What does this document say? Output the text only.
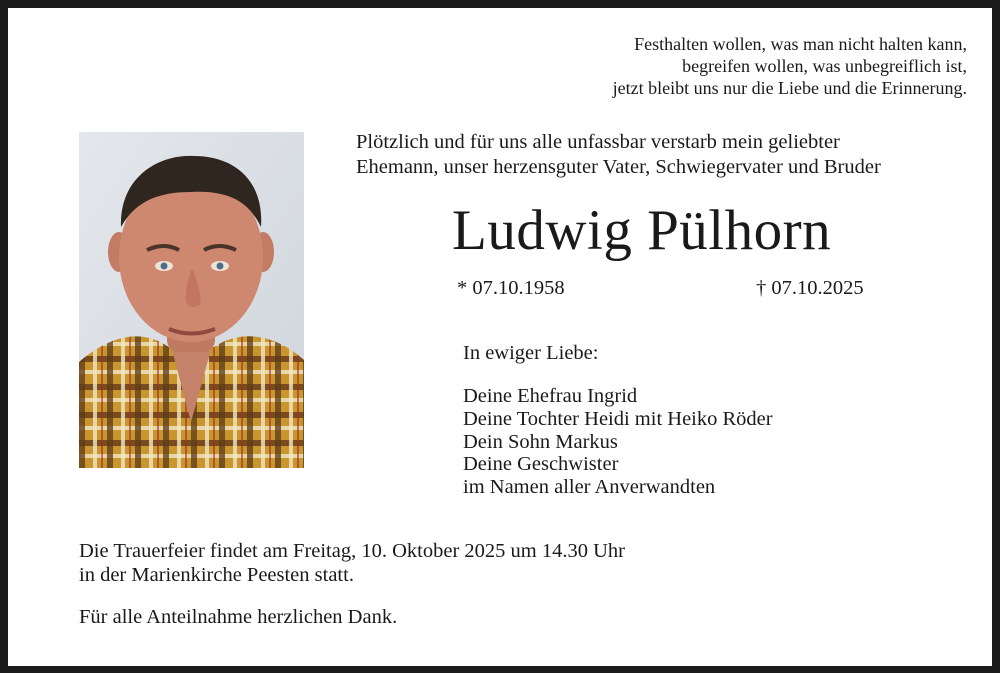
Festhalten wollen, was man nicht halten kann,
begreifen wollen, was unbegreiflich ist,
jetzt bleibt uns nur die Liebe und die Erinnerung.
Plötzlich und für uns alle unfassbar verstarb mein geliebter
Ehemann, unser herzensguter Vater, Schwiegervater und Bruder
Ludwig Pülhorn
* 07.10.1958	† 07.10.2025
In ewiger Liebe:
Deine Ehefrau Ingrid
Deine Tochter Heidi mit Heiko Röder
Dein Sohn Markus
Deine Geschwister
im Namen aller Anverwandten
Die Trauerfeier findet am Freitag, 10. Oktober 2025 um 14.30 Uhr
in der Marienkirche Peesten statt.
Für alle Anteilnahme herzlichen Dank.
